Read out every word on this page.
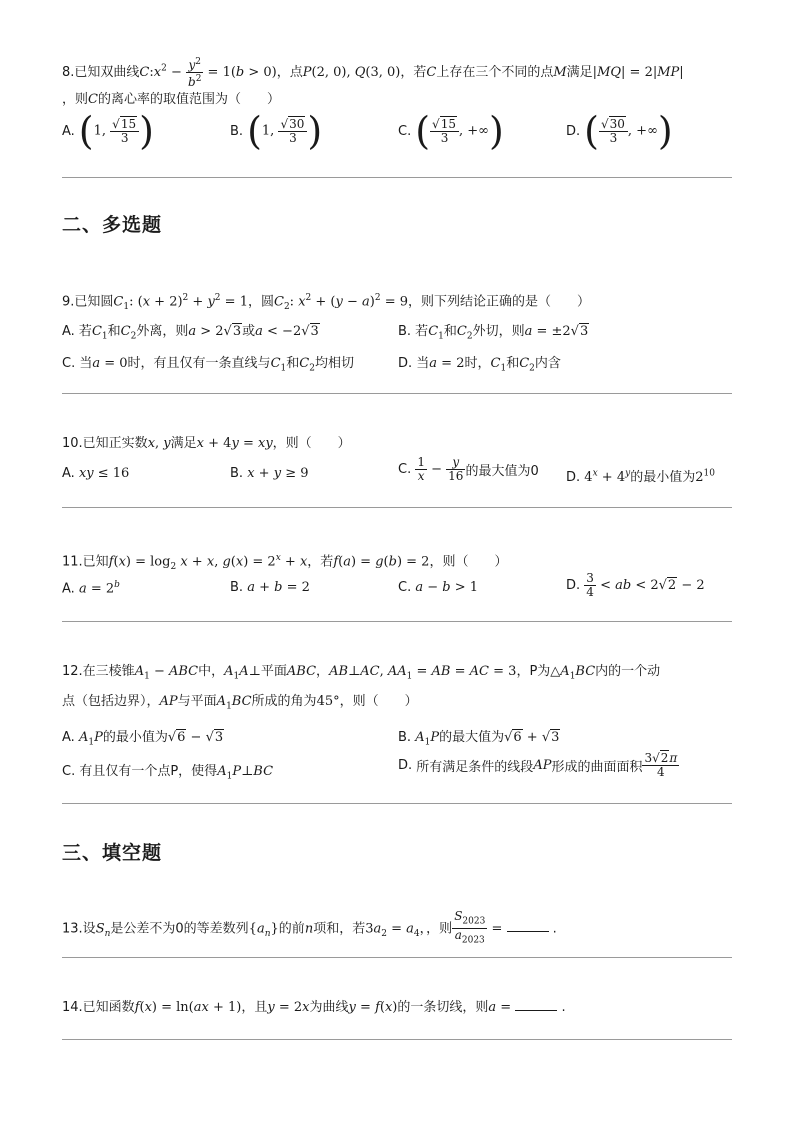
8.已知双曲线$C:x^2 - \frac{y^2}{b^2} = 1(b > 0)$，点P(2, 0), Q(3, 0)，若C上存在三个不同的点M满足|MQ| = 2|MP|
，则C的离心率的取值范围为（　　）
A. (1, $\frac{√15}{3}$ )	B. (1, $\frac{√30}{3}$ )	C. ( $\frac{√15}{3}$ , +∞)	D. ( $\frac{√30}{3}$ , +∞)
二、多选题
9.已知圆$C_1$: $(x + 2)^2 + y^2 = 1$，圆$C_2$: $x^2 + (y - a)^2 = 9$，则下列结论正确的是（　　）
A. 若$C_1$和$C_2$外离，则a > 2√3或a < −2√3	B. 若$C_1$和$C_2$外切，则a = ±2√3
C. 当a = 0时，有且仅有一条直线与$C_1$和$C_2$均相切	D. 当a = 2时，$C_1$和$C_2$内含
10.已知正实数x, y满足x + 4y = xy，则（　　）
A. xy ≤ 16	B. x + y ≥ 9	C. $\frac{1}{x} - \frac{y}{16}$ 的最大值为0 D. $4^x + 4^y$的最小值为$2^{10}$
11.已知$f(x) = \log_2 x + x$, $g(x) = 2^x + x$，若f(a) = g(b) = 2，则（　　）
A. $a = 2^b$	B. a + b = 2	C. a − b > 1	D. $\frac{3}{4}$ < ab < 2√2 − 2
12.在三棱锥$A_1$ − ABC中，$A_1A\perp$平面ABC，AB⊥AC, $AA_1$ = AB = AC = 3，P为$\triangle A_1BC$内的一个动
点（包括边界），AP与平面$A_1BC$所成的角为45°，则（　　）
A. $A_1P$的最小值为√6 − √3	B. $A_1P$的最大值为√6 + √3
C. 有且仅有一个点P，使得$A_1P\perp BC$	D. 所有满足条件的线段AP形成的曲面面积 $\frac{3√2\pi}{4}$
三、填空题
13.设$S_n$是公差不为0的等差数列$\{a_n\}$的前n项和，若$3a_2 = a_4$，，则 $\frac{S_{2023}}{a_{2023}}$ =	.
14.已知函数f(x) = ln(ax + 1)，且y = 2x为曲线y = f(x)的一条切线，则a =	.
